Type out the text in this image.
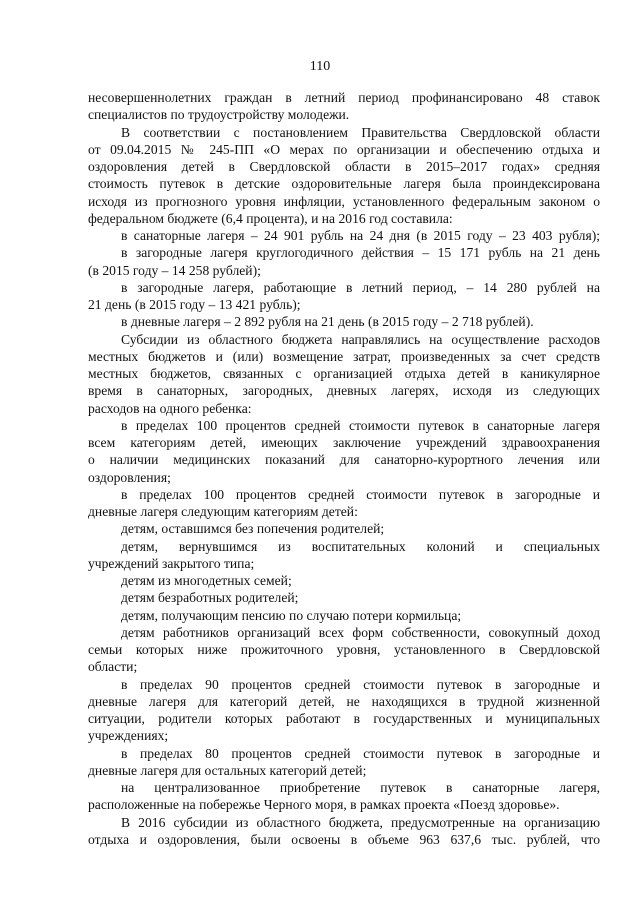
110
несовершеннолетних граждан в летний период профинансировано 48 ставок
специалистов по трудоустройству молодежи.
В соответствии с постановлением Правительства Свердловской области
от 09.04.2015 № 245-ПП «О мерах по организации и обеспечению отдыха и
оздоровления детей в Свердловской области в 2015–2017 годах» средняя
стоимость путевок в детские оздоровительные лагеря была проиндексирована
исходя из прогнозного уровня инфляции, установленного федеральным законом о
федеральном бюджете (6,4 процента), и на 2016 год составила:
в санаторные лагеря – 24 901 рубль на 24 дня (в 2015 году – 23 403 рубля);
в загородные лагеря круглогодичного действия – 15 171 рубль на 21 день
(в 2015 году – 14 258 рублей);
в загородные лагеря, работающие в летний период, – 14 280 рублей на
21 день (в 2015 году – 13 421 рубль);
в дневные лагеря – 2 892 рубля на 21 день (в 2015 году – 2 718 рублей).
Субсидии из областного бюджета направлялись на осуществление расходов
местных бюджетов и (или) возмещение затрат, произведенных за счет средств
местных бюджетов, связанных с организацией отдыха детей в каникулярное
время в санаторных, загородных, дневных лагерях, исходя из следующих
расходов на одного ребенка:
в пределах 100 процентов средней стоимости путевок в санаторные лагеря
всем категориям детей, имеющих заключение учреждений здравоохранения
о наличии медицинских показаний для санаторно-курортного лечения или
оздоровления;
в пределах 100 процентов средней стоимости путевок в загородные и
дневные лагеря следующим категориям детей:
детям, оставшимся без попечения родителей;
детям, вернувшимся из воспитательных колоний и специальных
учреждений закрытого типа;
детям из многодетных семей;
детям безработных родителей;
детям, получающим пенсию по случаю потери кормильца;
детям работников организаций всех форм собственности, совокупный доход
семьи которых ниже прожиточного уровня, установленного в Свердловской
области;
в пределах 90 процентов средней стоимости путевок в загородные и
дневные лагеря для категорий детей, не находящихся в трудной жизненной
ситуации, родители которых работают в государственных и муниципальных
учреждениях;
в пределах 80 процентов средней стоимости путевок в загородные и
дневные лагеря для остальных категорий детей;
на централизованное приобретение путевок в санаторные лагеря,
расположенные на побережье Черного моря, в рамках проекта «Поезд здоровье».
В 2016 субсидии из областного бюджета, предусмотренные на организацию
отдыха и оздоровления, были освоены в объеме 963 637,6 тыс. рублей, что
